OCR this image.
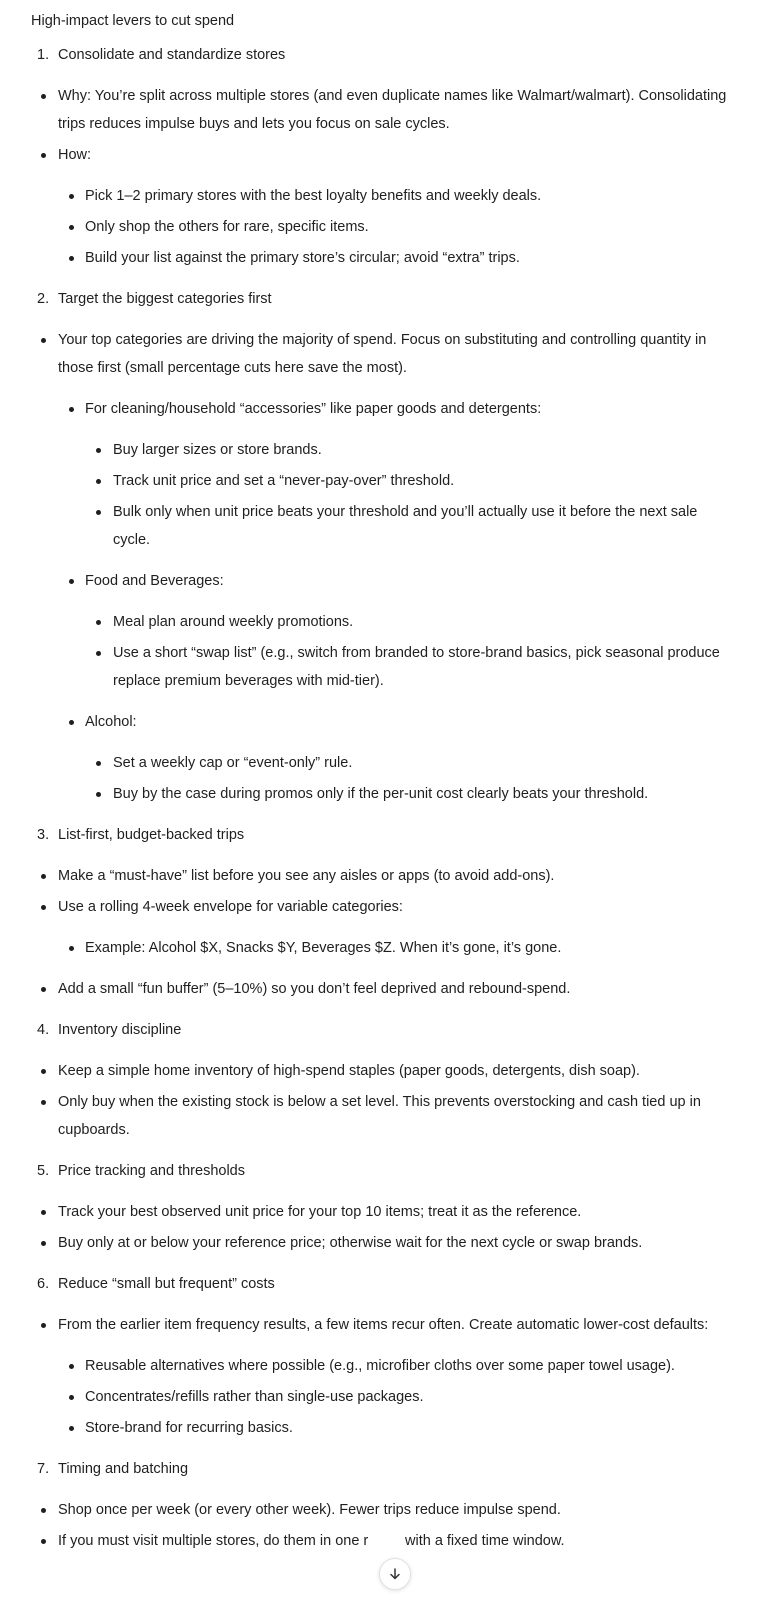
High-impact levers to cut spend
1. Consolidate and standardize stores
Why: You’re split across multiple stores (and even duplicate names like Walmart/walmart). Consolidating
trips reduces impulse buys and lets you focus on sale cycles.
How:
Pick 1–2 primary stores with the best loyalty benefits and weekly deals.
Only shop the others for rare, specific items.
Build your list against the primary store’s circular; avoid “extra” trips.
2. Target the biggest categories first
Your top categories are driving the majority of spend. Focus on substituting and controlling quantity in
those first (small percentage cuts here save the most).
For cleaning/household “accessories” like paper goods and detergents:
Buy larger sizes or store brands.
Track unit price and set a “never-pay-over” threshold.
Bulk only when unit price beats your threshold and you’ll actually use it before the next sale
cycle.
Food and Beverages:
Meal plan around weekly promotions.
Use a short “swap list” (e.g., switch from branded to store-brand basics, pick seasonal produce
replace premium beverages with mid-tier).
Alcohol:
Set a weekly cap or “event-only” rule.
Buy by the case during promos only if the per-unit cost clearly beats your threshold.
3. List-first, budget-backed trips
Make a “must-have” list before you see any aisles or apps (to avoid add-ons).
Use a rolling 4-week envelope for variable categories:
Example: Alcohol $X, Snacks $Y, Beverages $Z. When it’s gone, it’s gone.
Add a small “fun buffer” (5–10%) so you don’t feel deprived and rebound-spend.
4. Inventory discipline
Keep a simple home inventory of high-spend staples (paper goods, detergents, dish soap).
Only buy when the existing stock is below a set level. This prevents overstocking and cash tied up in
cupboards.
5. Price tracking and thresholds
Track your best observed unit price for your top 10 items; treat it as the reference.
Buy only at or below your reference price; otherwise wait for the next cycle or swap brands.
6. Reduce “small but frequent” costs
From the earlier item frequency results, a few items recur often. Create automatic lower-cost defaults:
Reusable alternatives where possible (e.g., microfiber cloths over some paper towel usage).
Concentrates/refills rather than single-use packages.
Store-brand for recurring basics.
7. Timing and batching
Shop once per week (or every other week). Fewer trips reduce impulse spend.
If you must visit multiple stores, do them in one r	with a fixed time window.
